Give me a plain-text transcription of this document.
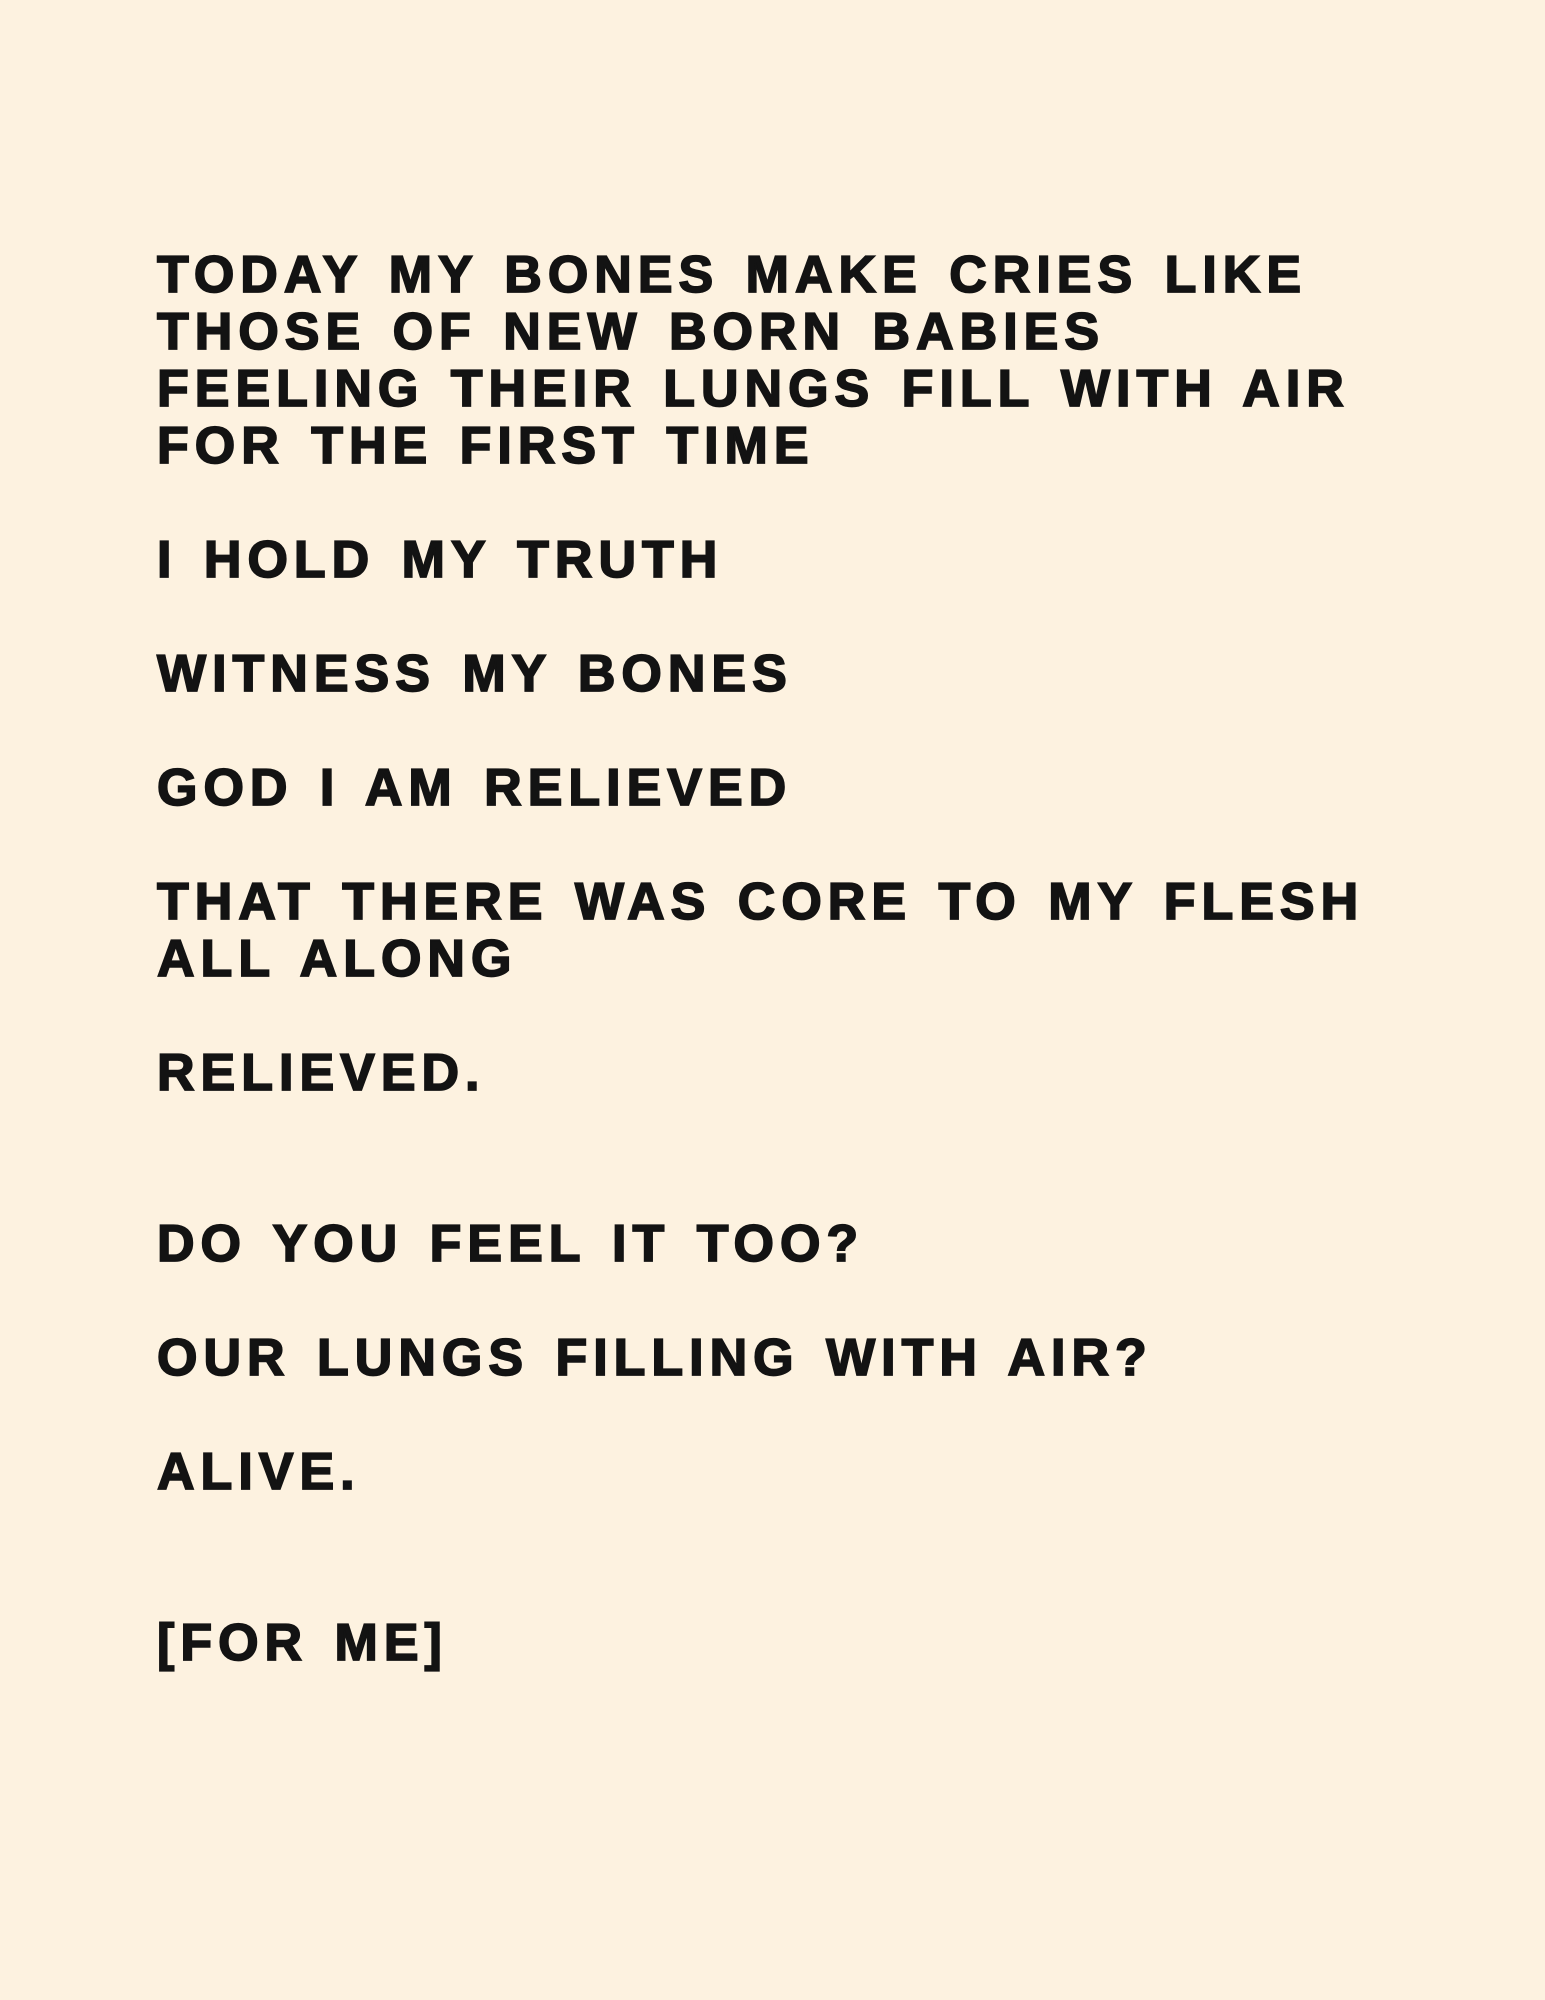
TODAY MY BONES MAKE CRIES LIKE
THOSE OF NEW BORN BABIES
FEELING THEIR LUNGS FILL WITH AIR
FOR THE FIRST TIME
I HOLD MY TRUTH
WITNESS MY BONES
GOD I AM RELIEVED
THAT THERE WAS CORE TO MY FLESH
ALL ALONG
RELIEVED.
DO YOU FEEL IT TOO?
OUR LUNGS FILLING WITH AIR?
ALIVE.
[FOR ME]
